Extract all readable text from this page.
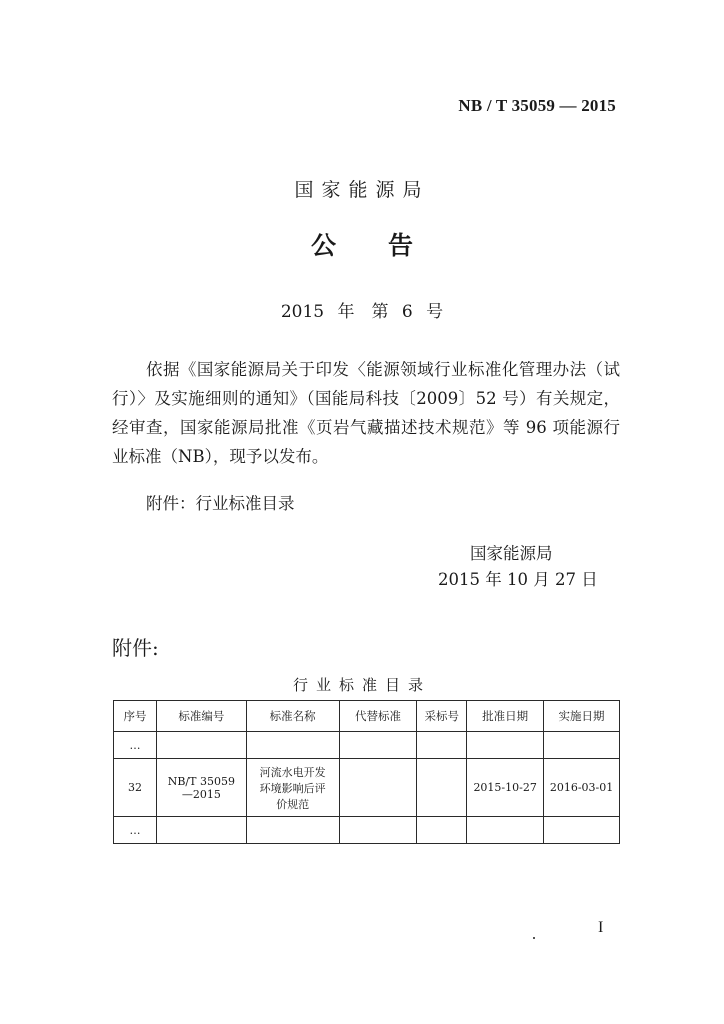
NB / T 35059 — 2015
国家能源局
公告
2015 年　第 6 号
依据《国家能源局关于印发〈能源领域行业标准化管理办法（试行）〉及实施细则的通知》（国能局科技〔2009〕52 号）有关规定，经审查，国家能源局批准《页岩气藏描述技术规范》等 96 项能源行业标准（NB），现予以发布。
附件：行业标准目录
国家能源局
2015 年 10 月 27 日
附件:
行业标准目录
序号	标准编号	标准名称	代替标准	采标号	批准日期	实施日期
…						
32	NB/T 35059—2015	河流水电开发环境影响后评价规范			2015-10-27	2016-03-01
…						
I
